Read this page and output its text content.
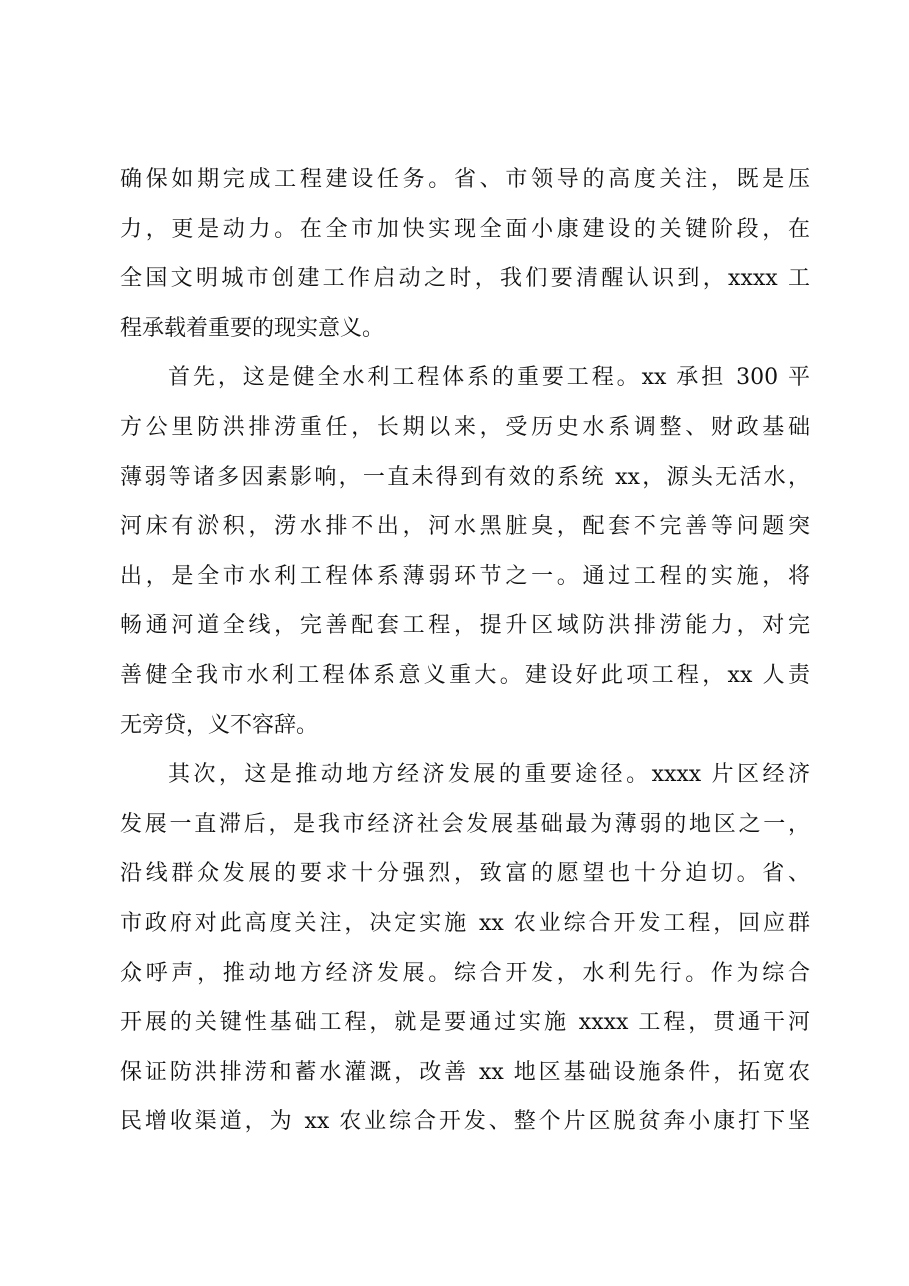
确保如期完成工程建设任务。省、市领导的高度关注，既是压
力，更是动力。在全市加快实现全面小康建设的关键阶段，在
全国文明城市创建工作启动之时，我们要清醒认识到，xxxx 工
程承载着重要的现实意义。
首先，这是健全水利工程体系的重要工程。xx 承担 300 平
方公里防洪排涝重任，长期以来，受历史水系调整、财政基础
薄弱等诸多因素影响，一直未得到有效的系统 xx，源头无活水，
河床有淤积，涝水排不出，河水黑脏臭，配套不完善等问题突
出，是全市水利工程体系薄弱环节之一。通过工程的实施，将
畅通河道全线，完善配套工程，提升区域防洪排涝能力，对完
善健全我市水利工程体系意义重大。建设好此项工程，xx 人责
无旁贷，义不容辞。
其次，这是推动地方经济发展的重要途径。xxxx 片区经济
发展一直滞后，是我市经济社会发展基础最为薄弱的地区之一，
沿线群众发展的要求十分强烈，致富的愿望也十分迫切。省、
市政府对此高度关注，决定实施 xx 农业综合开发工程，回应群
众呼声，推动地方经济发展。综合开发，水利先行。作为综合
开展的关键性基础工程，就是要通过实施 xxxx 工程，贯通干河
保证防洪排涝和蓄水灌溉，改善 xx 地区基础设施条件，拓宽农
民增收渠道，为 xx 农业综合开发、整个片区脱贫奔小康打下坚
